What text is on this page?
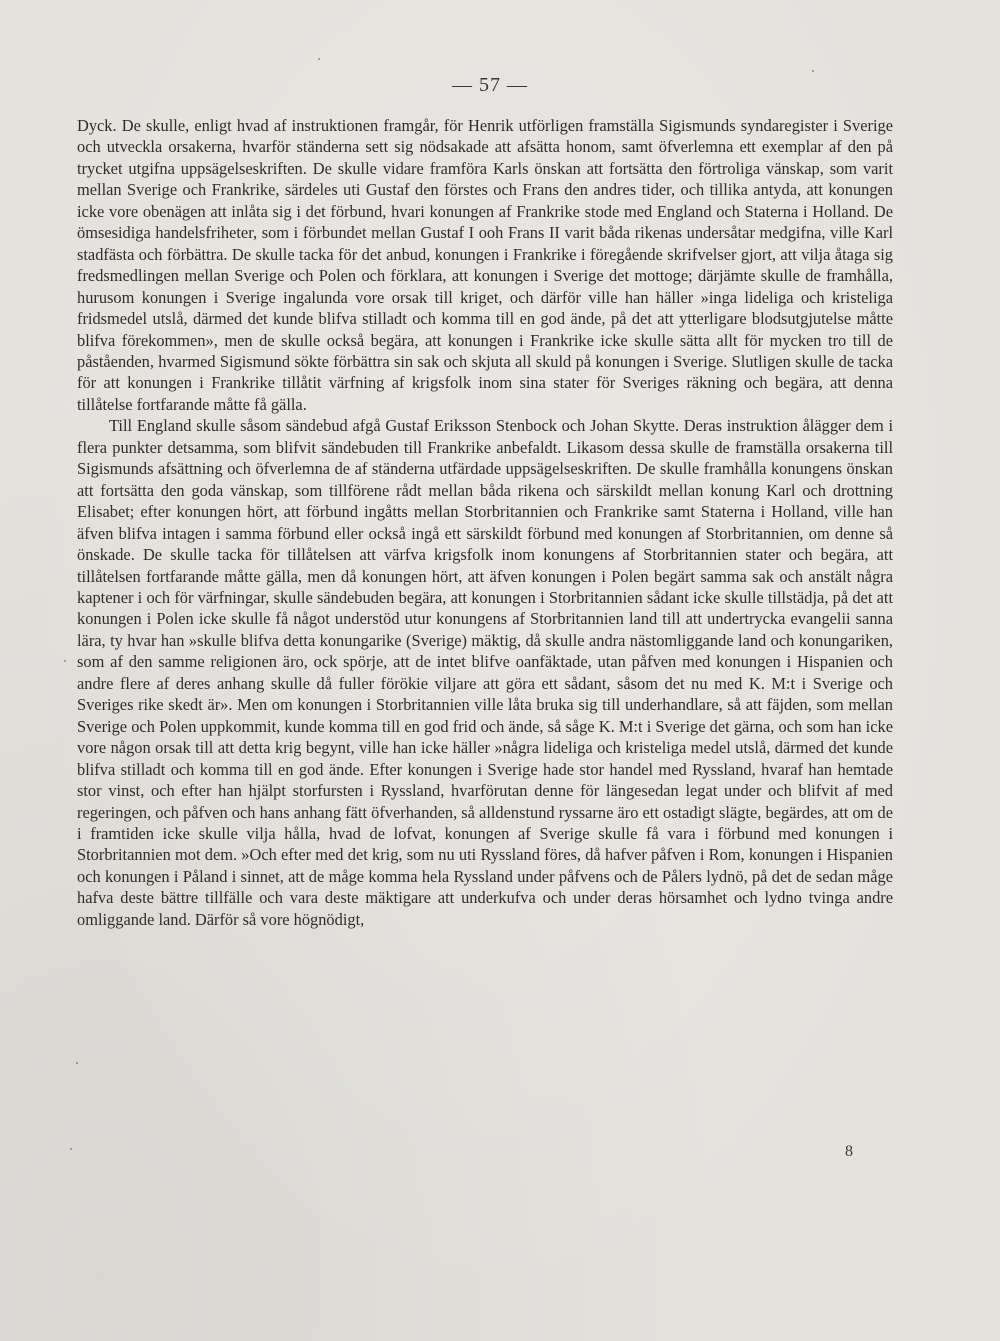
— 57 —

Dyck. De skulle, enligt hvad af instruktionen framgår, för Henrik utförligen framställa Sigismunds syndaregister i Sverige och utveckla orsakerna, hvarför ständerna sett sig nödsakade att afsätta honom, samt öfverlemna ett exemplar af den på trycket utgifna uppsägelseskriften. De skulle vidare framföra Karls önskan att fortsätta den förtroliga vänskap, som varit mellan Sverige och Frankrike, särdeles uti Gustaf den förstes och Frans den andres tider, och tillika antyda, att konungen icke vore obenägen att inlåta sig i det förbund, hvari konungen af Frankrike stode med England och Staterna i Holland. De ömsesidiga handelsfriheter, som i förbundet mellan Gustaf I ooh Frans II varit båda rikenas undersåtar medgifna, ville Karl stadfästa och förbättra. De skulle tacka för det anbud, konungen i Frankrike i föregående skrifvelser gjort, att vilja åtaga sig fredsmedlingen mellan Sverige och Polen och förklara, att konungen i Sverige det mottoge; därjämte skulle de framhålla, hurusom konungen i Sverige ingalunda vore orsak till kriget, och därför ville han häller »inga lideliga och kristeliga fridsmedel utslå, därmed det kunde blifva stilladt och komma till en god ände, på det att ytterligare blodsutgjutelse måtte blifva förekommen», men de skulle också begära, att konungen i Frankrike icke skulle sätta allt för mycken tro till de påståenden, hvarmed Sigismund sökte förbättra sin sak och skjuta all skuld på konungen i Sverige. Slutligen skulle de tacka för att konungen i Frankrike tillåtit värfning af krigsfolk inom sina stater för Sveriges räkning och begära, att denna tillåtelse fortfarande måtte få gälla.

Till England skulle såsom sändebud afgå Gustaf Eriksson Stenbock och Johan Skytte. Deras instruktion ålägger dem i flera punkter detsamma, som blifvit sändebuden till Frankrike anbefaldt. Likasom dessa skulle de framställa orsakerna till Sigismunds afsättning och öfverlemna de af ständerna utfärdade uppsägelseskriften. De skulle framhålla konungens önskan att fortsätta den goda vänskap, som tillförene rådt mellan båda rikena och särskildt mellan konung Karl och drottning Elisabet; efter konungen hört, att förbund ingåtts mellan Storbritannien och Frankrike samt Staterna i Holland, ville han äfven blifva intagen i samma förbund eller också ingå ett särskildt förbund med konungen af Storbritannien, om denne så önskade. De skulle tacka för tillåtelsen att värfva krigsfolk inom konungens af Storbritannien stater och begära, att tillåtelsen fortfarande måtte gälla, men då konungen hört, att äfven konungen i Polen begärt samma sak och anstält några kaptener i och för värfningar, skulle sändebuden begära, att konungen i Storbritannien sådant icke skulle tillstädja, på det att konungen i Polen icke skulle få något understöd utur konungens af Storbritannien land till att undertrycka evangelii sanna lära, ty hvar han »skulle blifva detta konungarike (Sverige) mäktig, då skulle andra nästomliggande land och konungariken, som af den samme religionen äro, ock spörje, att de intet blifve oanfäktade, utan påfven med konungen i Hispanien och andre flere af deres anhang skulle då fuller förökie viljare att göra ett sådant, såsom det nu med K. M:t i Sverige och Sveriges rike skedt är». Men om konungen i Storbritannien ville låta bruka sig till underhandlare, så att fäjden, som mellan Sverige och Polen uppkommit, kunde komma till en god frid och ände, så såge K. M:t i Sverige det gärna, och som han icke vore någon orsak till att detta krig begynt, ville han icke häller »några lideliga och kristeliga medel utslå, därmed det kunde blifva stilladt och komma till en god ände. Efter konungen i Sverige hade stor handel med Ryssland, hvaraf han hemtade stor vinst, och efter han hjälpt storfursten i Ryssland, hvarförutan denne för längesedan legat under och blifvit af med regeringen, och påfven och hans anhang fätt öfverhanden, så alldenstund ryssarne äro ett ostadigt slägte, begärdes, att om de i framtiden icke skulle vilja hålla, hvad de lofvat, konungen af Sverige skulle få vara i förbund med konungen i Storbritannien mot dem. »Och efter med det krig, som nu uti Ryssland föres, då hafver påfven i Rom, konungen i Hispanien och konungen i Påland i sinnet, att de måge komma hela Ryssland under påfvens och de Pålers lydnö, på det de sedan måge hafva deste bättre tillfälle och vara deste mäktigare att underkufva och under deras hörsamhet och lydno tvinga andre omliggande land. Därför så vore högnödigt,

8
